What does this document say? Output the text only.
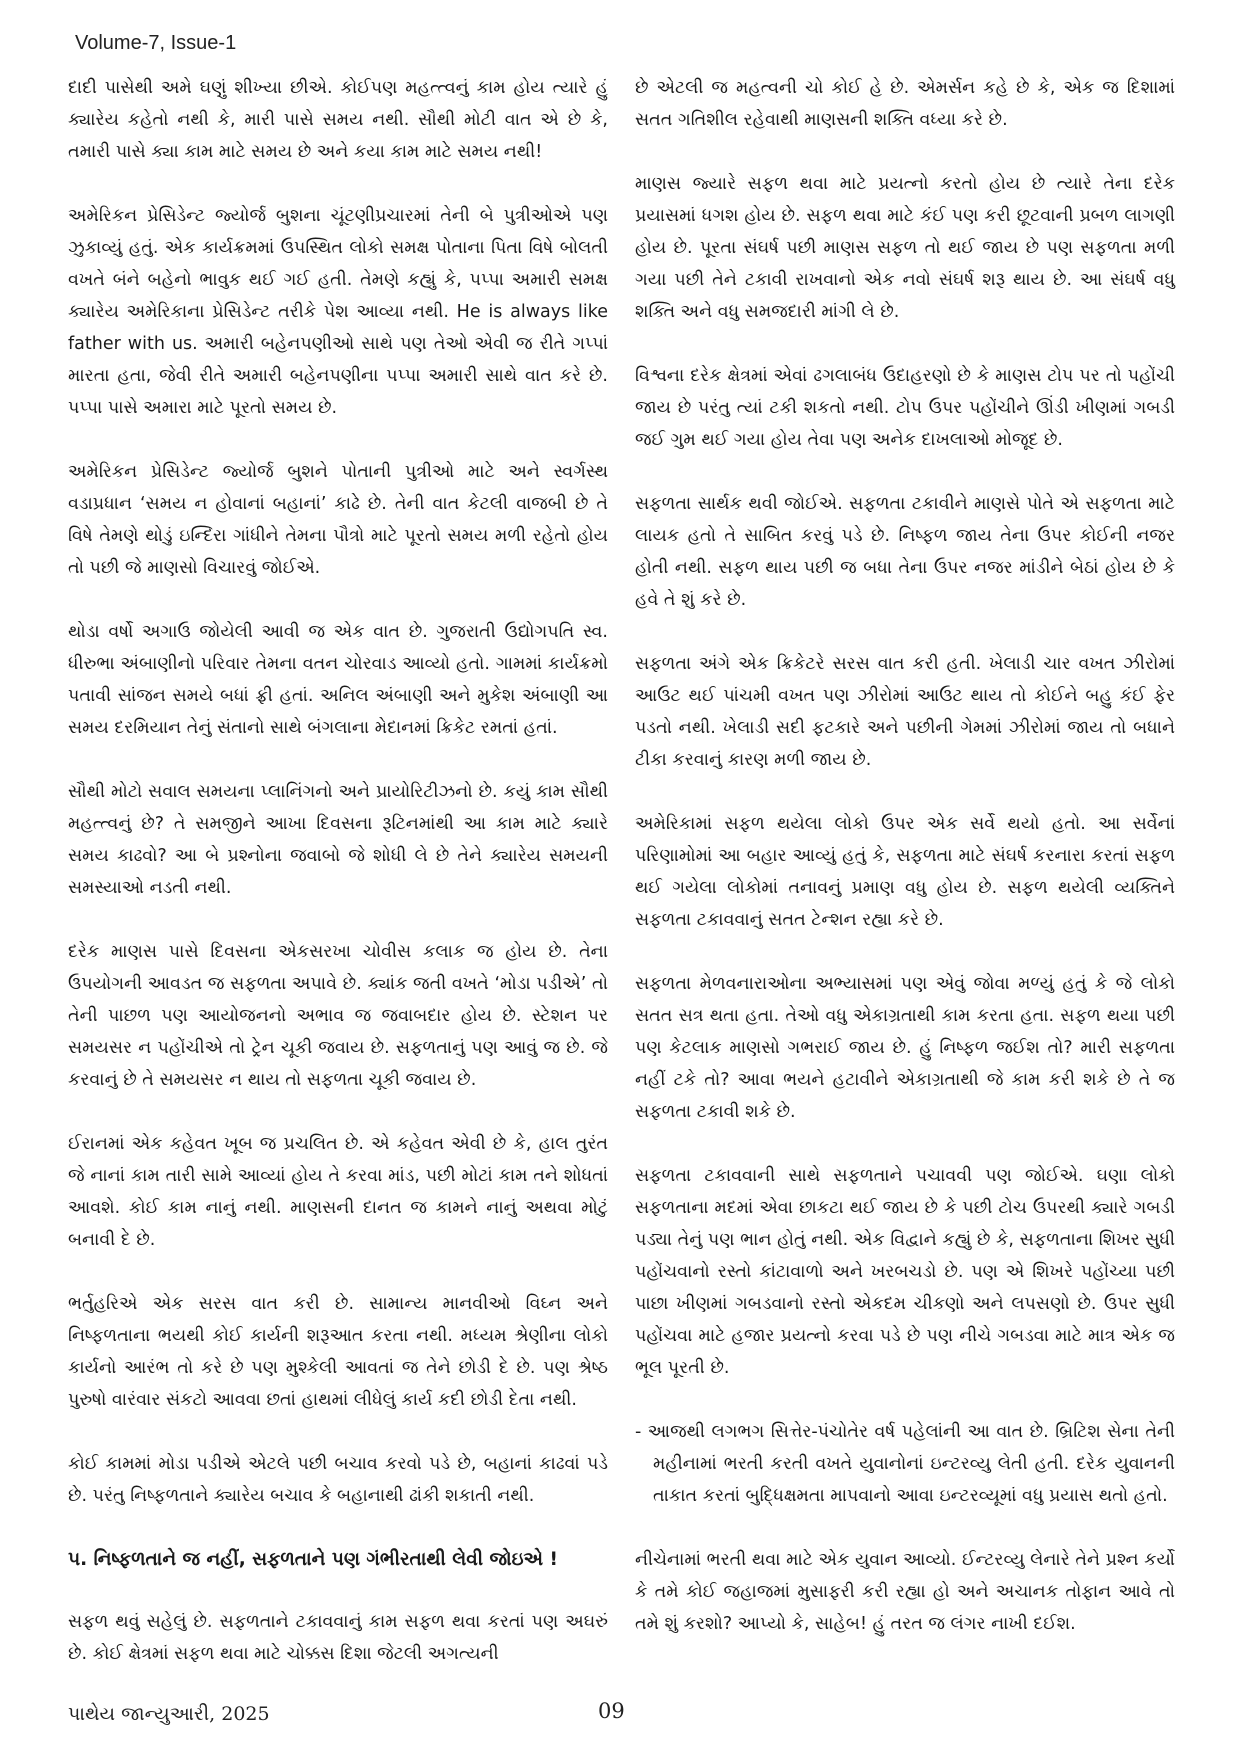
Volume-7, Issue-1

દાદી પાસેથી અમે ઘણું શીખ્યા છીએ. કોઈપણ મહત્ત્વનું કામ હોય ત્યારે હું ક્યારેય કહેતો નથી કે, મારી પાસે સમય નથી. સૌથી મોટી વાત એ છે કે, તમારી પાસે ક્યા કામ માટે સમય છે અને કયા કામ માટે સમય નથી!

અમેરિકન પ્રેસિડેન્ટ જ્યોર્જ બુશના ચૂંટણીપ્રચારમાં તેની બે પુત્રીઓએ પણ ઝુકાવ્યું હતું. એક કાર્યક્રમમાં ઉપસ્થિત લોકો સમક્ષ પોતાના પિતા વિષે બોલતી વખતે બંને બહેનો ભાવુક થઈ ગઈ હતી. તેમણે કહ્યું કે, પપ્પા અમારી સમક્ષ ક્યારેય અમેરિકાના પ્રેસિડેન્ટ તરીકે પેશ આવ્યા નથી. He is always like father with us. અમારી બહેનપણીઓ સાથે પણ તેઓ એવી જ રીતે ગપ્પાં મારતા હતા, જેવી રીતે અમારી બહેનપણીના પપ્પા અમારી સાથે વાત કરે છે. પપ્પા પાસે અમારા માટે પૂરતો સમય છે.

અમેરિકન પ્રેસિડેન્ટ જ્યોર્જ બુશને પોતાની પુત્રીઓ માટે અને સ્વર્ગસ્થ વડાપ્રધાન ‘સમય ન હોવાનાં બહાનાં’ કાઢે છે. તેની વાત કેટલી વાજબી છે તે વિષે તેમણે થોડું ઇન્દિરા ગાંધીને તેમના પૌત્રો માટે પૂરતો સમય મળી રહેતો હોય તો પછી જે માણસો વિચારવું જોઈએ.

થોડા વર્ષો અગાઉ જોયેલી આવી જ એક વાત છે. ગુજરાતી ઉદ્યોગપતિ સ્વ. ધીરુભા અંબાણીનો પરિવાર તેમના વતન ચોરવાડ આવ્યો હતો. ગામમાં કાર્યક્રમો પતાવી સાંજન સમયે બધાં ફ્રી હતાં. અનિલ અંબાણી અને મુકેશ અંબાણી આ સમય દરમિયાન તેનું સંતાનો સાથે બંગલાના મેદાનમાં ક્રિકેટ રમતાં હતાં.

સૌથી મોટો સવાલ સમયના પ્લાનિંગનો અને પ્રાયોરિટીઝનો છે. કયું કામ સૌથી મહત્ત્વનું છે? તે સમજીને આખા દિવસના રૂટિનમાંથી આ કામ માટે ક્યારે સમય કાઢવો? આ બે પ્રશ્નોના જવાબો જે શોધી લે છે તેને ક્યારેય સમયની સમસ્યાઓ નડતી નથી.

દરેક માણસ પાસે દિવસના એકસરખા ચોવીસ કલાક જ હોય છે. તેના ઉપયોગની આવડત જ સફળતા અપાવે છે. ક્યાંક જતી વખતે ‘મોડા પડીએ’ તો તેની પાછળ પણ આયોજનનો અભાવ જ જવાબદાર હોય છે. સ્ટેશન પર સમયસર ન પહોંચીએ તો ટ્રેન ચૂકી જવાય છે. સફળતાનું પણ આવું જ છે. જે કરવાનું છે તે સમયસર ન થાય તો સફળતા ચૂકી જવાય છે.

ઈરાનમાં એક કહેવત ખૂબ જ પ્રચલિત છે. એ કહેવત એવી છે કે, હાલ તુરંત જે નાનાં કામ તારી સામે આવ્યાં હોય તે કરવા માંડ, પછી મોટાં કામ તને શોધતાં આવશે. કોઈ કામ નાનું નથી. માણસની દાનત જ કામને નાનું અથવા મોટું બનાવી દે છે.

ભર્તુહરિએ એક સરસ વાત કરી છે. સામાન્ય માનવીઓ વિઘ્ન અને નિષ્ફળતાના ભયથી કોઈ કાર્યની શરૂઆત કરતા નથી. મધ્યમ શ્રેણીના લોકો કાર્યનો આરંભ તો કરે છે પણ મુશ્કેલી આવતાં જ તેને છોડી દે છે. પણ શ્રેષ્ઠ પુરુષો વારંવાર સંકટો આવવા છતાં હાથમાં લીધેલું કાર્ય કદી છોડી દેતા નથી.

કોઈ કામમાં મોડા પડીએ એટલે પછી બચાવ કરવો પડે છે, બહાનાં કાઢવાં પડે છે. પરંતુ નિષ્ફળતાને ક્યારેય બચાવ કે બહાનાથી ઢાંકી શકાતી નથી.

૫. નિષ્ફળતાને જ નહીં, સફળતાને પણ ગંભીરતાથી લેવી જોઇએ !

સફળ થવું સહેલું છે. સફળતાને ટકાવવાનું કામ સફળ થવા કરતાં પણ અઘરું છે. કોઈ ક્ષેત્રમાં સફળ થવા માટે ચોક્કસ દિશા જેટલી અગત્યની

છે એટલી જ મહત્વની ચો કોઈ હે છે. એમર્સન કહે છે કે, એક જ દિશામાં સતત ગતિશીલ રહેવાથી માણસની શક્તિ વધ્યા કરે છે.

માણસ જ્યારે સફળ થવા માટે પ્રયત્નો કરતો હોય છે ત્યારે તેના દરેક પ્રયાસમાં ધગશ હોય છે. સફળ થવા માટે કંઈ પણ કરી છૂટવાની પ્રબળ લાગણી હોય છે. પૂરતા સંઘર્ષ પછી માણસ સફળ તો થઈ જાય છે પણ સફળતા મળી ગયા પછી તેને ટકાવી રાખવાનો એક નવો સંઘર્ષ શરૂ થાય છે. આ સંઘર્ષ વધુ શક્તિ અને વધુ સમજદારી માંગી લે છે.

વિશ્વના દરેક ક્ષેત્રમાં એવાં ઢગલાબંધ ઉદાહરણો છે કે માણસ ટોપ પર તો પહોંચી જાય છે પરંતુ ત્યાં ટકી શકતો નથી. ટોપ ઉપર પહોંચીને ઊંડી ખીણમાં ગબડી જઈ ગુમ થઈ ગયા હોય તેવા પણ અનેક દાખલાઓ મોજૂદ છે.

સફળતા સાર્થક થવી જોઈએ. સફળતા ટકાવીને માણસે પોતે એ સફળતા માટે લાયક હતો તે સાબિત કરવું પડે છે. નિષ્ફળ જાય તેના ઉપર કોઈની નજર હોતી નથી. સફળ થાય પછી જ બધા તેના ઉપર નજર માંડીને બેઠાં હોય છે કે હવે તે શું કરે છે.

સફળતા અંગે એક ક્રિકેટરે સરસ વાત કરી હતી. ખેલાડી ચાર વખત ઝીરોમાં આઉટ થઈ પાંચમી વખત પણ ઝીરોમાં આઉટ થાય તો કોઈને બહુ કંઈ ફેર પડતો નથી. ખેલાડી સદી ફટકારે અને પછીની ગેમમાં ઝીરોમાં જાય તો બધાને ટીકા કરવાનું કારણ મળી જાય છે.

અમેરિકામાં સફળ થયેલા લોકો ઉપર એક સર્વે થયો હતો. આ સર્વેનાં પરિણામોમાં આ બહાર આવ્યું હતું કે, સફળતા માટે સંઘર્ષ કરનારા કરતાં સફળ થઈ ગયેલા લોકોમાં તનાવનું પ્રમાણ વધુ હોય છે. સફળ થયેલી વ્યક્તિને સફળતા ટકાવવાનું સતત ટેન્શન રહ્યા કરે છે.

સફળતા મેળવનારાઓના અભ્યાસમાં પણ એવું જોવા મળ્યું હતું કે જે લોકો સતત સત્ર થતા હતા. તેઓ વધુ એકાગ્રતાથી કામ કરતા હતા. સફળ થયા પછી પણ કેટલાક માણસો ગભરાઈ જાય છે. હું નિષ્ફળ જઈશ તો? મારી સફળતા નહીં ટકે તો? આવા ભયને હટાવીને એકાગ્રતાથી જે કામ કરી શકે છે તે જ સફળતા ટકાવી શકે છે.

સફળતા ટકાવવાની સાથે સફળતાને પચાવવી પણ જોઈએ. ઘણા લોકો સફળતાના મદમાં એવા છાકટા થઈ જાય છે કે પછી ટોચ ઉપરથી ક્યારે ગબડી પડ્યા તેનું પણ ભાન હોતું નથી. એક વિદ્વાને કહ્યું છે કે, સફળતાના શિખર સુધી પહોંચવાનો રસ્તો કાંટાવાળો અને ખરબચડો છે. પણ એ શિખરે પહોંચ્યા પછી પાછા ખીણમાં ગબડવાનો રસ્તો એકદમ ચીકણો અને લપસણો છે. ઉપર સુધી પહોંચવા માટે હજાર પ્રયત્નો કરવા પડે છે પણ નીચે ગબડવા માટે માત્ર એક જ ભૂલ પૂરતી છે.

- આજથી લગભગ સિત્તેર-પંચોતેર વર્ષ પહેલાંની આ વાત છે. બ્રિટિશ સેના તેની મહીનામાં ભરતી કરતી વખતે યુવાનોનાં ઇન્ટરવ્યુ લેતી હતી. દરેક યુવાનની તાકાત કરતાં બુદ્ધિક્ષમતા માપવાનો આવા ઇન્ટરવ્યૂમાં વધુ પ્રયાસ થતો હતો.

નીચેનામાં ભરતી થવા માટે એક યુવાન આવ્યો. ઈન્ટરવ્યુ લેનારે તેને પ્રશ્ન કર્યો કે તમે કોઈ જહાજમાં મુસાફરી કરી રહ્યા હો અને અચાનક તોફાન આવે તો તમે શું કરશો? આપ્યો કે, સાહેબ! હું તરત જ લંગર નાખી દઈશ.

પાથેય જાન્યુઆરી, 2025	09
